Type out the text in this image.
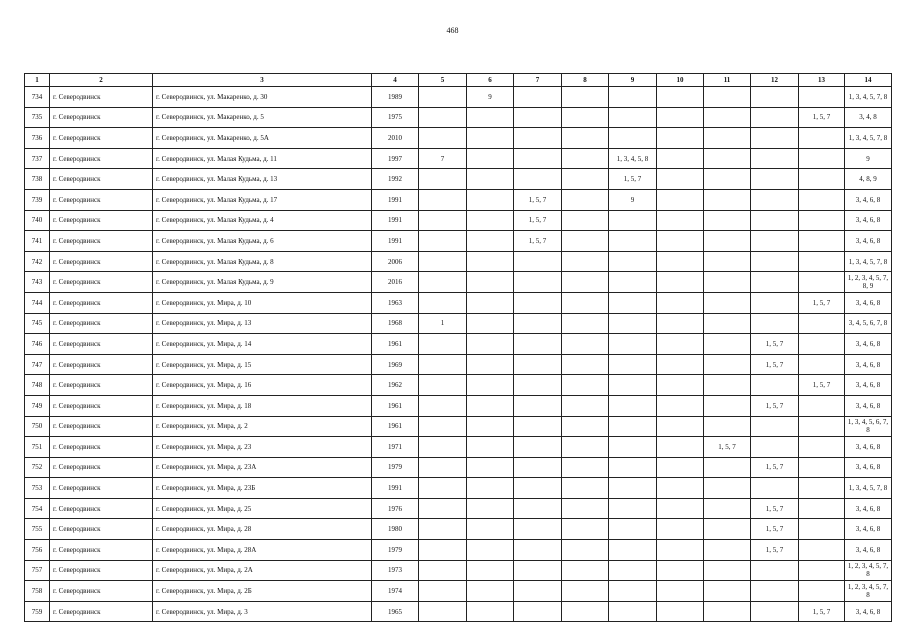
468
1	2	3	4	5	6	7	8	9	10	11	12	13	14
734	г. Северодвинск	г. Северодвинск, ул. Макаренко, д. 30	1989		9								1, 3, 4, 5, 7, 8
735	г. Северодвинск	г. Северодвинск, ул. Макаренко, д. 5	1975									1, 5, 7	3, 4, 8
736	г. Северодвинск	г. Северодвинск, ул. Макаренко, д. 5А	2010										1, 3, 4, 5, 7, 8
737	г. Северодвинск	г. Северодвинск, ул. Малая Кудьма, д. 11	1997	7				1, 3, 4, 5, 8					9
738	г. Северодвинск	г. Северодвинск, ул. Малая Кудьма, д. 13	1992					1, 5, 7					4, 8, 9
739	г. Северодвинск	г. Северодвинск, ул. Малая Кудьма, д. 17	1991			1, 5, 7		9					3, 4, 6, 8
740	г. Северодвинск	г. Северодвинск, ул. Малая Кудьма, д. 4	1991			1, 5, 7							3, 4, 6, 8
741	г. Северодвинск	г. Северодвинск, ул. Малая Кудьма, д. 6	1991			1, 5, 7							3, 4, 6, 8
742	г. Северодвинск	г. Северодвинск, ул. Малая Кудьма, д. 8	2006										1, 3, 4, 5, 7, 8
743	г. Северодвинск	г. Северодвинск, ул. Малая Кудьма, д. 9	2016										1, 2, 3, 4, 5, 7, 8, 9
744	г. Северодвинск	г. Северодвинск, ул. Мира, д. 10	1963									1, 5, 7	3, 4, 6, 8
745	г. Северодвинск	г. Северодвинск, ул. Мира, д. 13	1968	1									3, 4, 5, 6, 7, 8
746	г. Северодвинск	г. Северодвинск, ул. Мира, д. 14	1961								1, 5, 7		3, 4, 6, 8
747	г. Северодвинск	г. Северодвинск, ул. Мира, д. 15	1969								1, 5, 7		3, 4, 6, 8
748	г. Северодвинск	г. Северодвинск, ул. Мира, д. 16	1962									1, 5, 7	3, 4, 6, 8
749	г. Северодвинск	г. Северодвинск, ул. Мира, д. 18	1961								1, 5, 7		3, 4, 6, 8
750	г. Северодвинск	г. Северодвинск, ул. Мира, д. 2	1961										1, 3, 4, 5, 6, 7, 8
751	г. Северодвинск	г. Северодвинск, ул. Мира, д. 23	1971							1, 5, 7			3, 4, 6, 8
752	г. Северодвинск	г. Северодвинск, ул. Мира, д. 23А	1979								1, 5, 7		3, 4, 6, 8
753	г. Северодвинск	г. Северодвинск, ул. Мира, д. 23Б	1991										1, 3, 4, 5, 7, 8
754	г. Северодвинск	г. Северодвинск, ул. Мира, д. 25	1976								1, 5, 7		3, 4, 6, 8
755	г. Северодвинск	г. Северодвинск, ул. Мира, д. 28	1980								1, 5, 7		3, 4, 6, 8
756	г. Северодвинск	г. Северодвинск, ул. Мира, д. 28А	1979								1, 5, 7		3, 4, 6, 8
757	г. Северодвинск	г. Северодвинск, ул. Мира, д. 2А	1973										1, 2, 3, 4, 5, 7, 8
758	г. Северодвинск	г. Северодвинск, ул. Мира, д. 2Б	1974										1, 2, 3, 4, 5, 7, 8
759	г. Северодвинск	г. Северодвинск, ул. Мира, д. 3	1965									1, 5, 7	3, 4, 6, 8
